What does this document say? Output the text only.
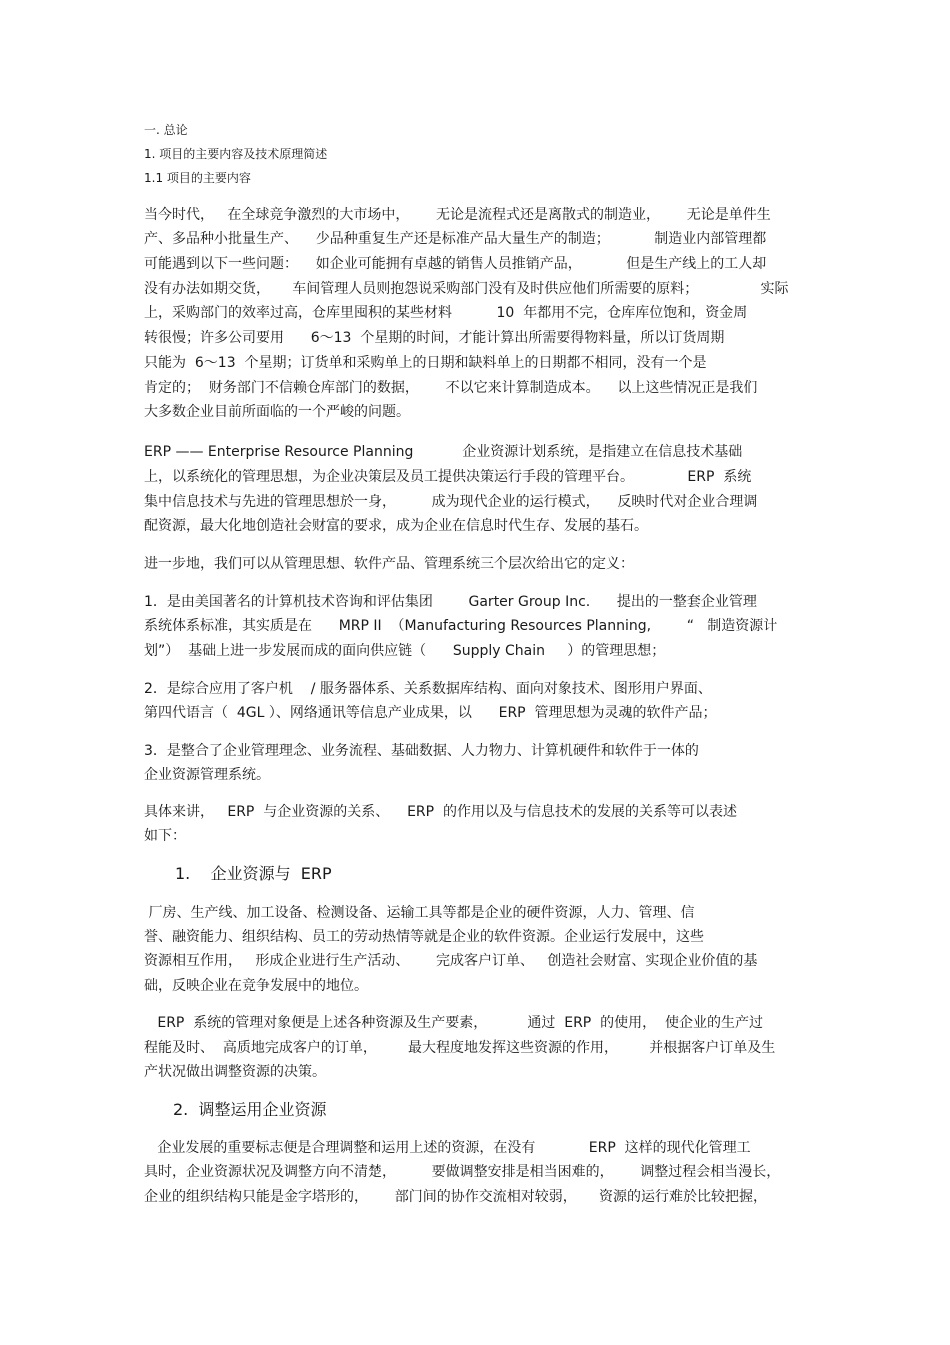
一. 总论

1. 项目的主要内容及技术原理简述

1.1 项目的主要内容

当今时代，   在全球竞争激烈的大市场中，      无论是流程式还是离散式的制造业，      无论是单件生

产、多品种小批量生产、    少品种重复生产还是标准产品大量生产的制造；          制造业内部管理都

可能遇到以下一些问题：    如企业可能拥有卓越的销售人员推销产品，          但是生产线上的工人却

没有办法如期交货，     车间管理人员则抱怨说采购部门没有及时供应他们所需要的原料；              实际

上，采购部门的效率过高，仓库里囤积的某些材料          10  年都用不完，仓库库位饱和，资金周

转很慢；许多公司要用      6～13  个星期的时间，才能计算出所需要得物料量，所以订货周期

只能为  6～13  个星期；订货单和采购单上的日期和缺料单上的日期都不相同，没有一个是

肯定的；  财务部门不信赖仓库部门的数据，      不以它来计算制造成本。    以上这些情况正是我们

大多数企业目前所面临的一个严峻的问题。

ERP —— Enterprise Resource Planning           企业资源计划系统，是指建立在信息技术基础

上，以系统化的管理思想，为企业决策层及员工提供决策运行手段的管理平台。            ERP  系统

集中信息技术与先进的管理思想於一身，        成为现代企业的运行模式，    反映时代对企业合理调

配资源，最大化地创造社会财富的要求，成为企业在信息时代生存、发展的基石。

进一步地，我们可以从管理思想、软件产品、管理系统三个层次给出它的定义：

1．是由美国著名的计算机技术咨询和评估集团        Garter Group Inc.      提出的一整套企业管理

系统体系标准，其实质是在      MRP II  （Manufacturing Resources Planning,        “   制造资源计

划”）  基础上进一步发展而成的面向供应链（      Supply Chain     ）的管理思想；

2．是综合应用了客户机    / 服务器体系、关系数据库结构、面向对象技术、图形用户界面、

第四代语言（  4GL ）、网络通讯等信息产业成果，以      ERP  管理思想为灵魂的软件产品；

3．是整合了企业管理理念、业务流程、基础数据、人力物力、计算机硬件和软件于一体的

企业资源管理系统。

具体来讲，   ERP  与企业资源的关系、    ERP  的作用以及与信息技术的发展的关系等可以表述

如下：

1.    企业资源与  ERP

厂房、生产线、加工设备、检测设备、运输工具等都是企业的硬件资源，人力、管理、信

誉、融资能力、组织结构、员工的劳动热情等就是企业的软件资源。企业运行发展中，这些

资源相互作用，   形成企业进行生产活动、      完成客户订单、   创造社会财富、实现企业价值的基

础，反映企业在竞争发展中的地位。

ERP  系统的管理对象便是上述各种资源及生产要素，         通过  ERP  的使用，  使企业的生产过

程能及时、  高质地完成客户的订单，       最大程度地发挥这些资源的作用，       并根据客户订单及生

产状况做出调整资源的决策。

2.  调整运用企业资源

企业发展的重要标志便是合理调整和运用上述的资源，在没有            ERP  这样的现代化管理工

具时，企业资源状况及调整方向不清楚，        要做调整安排是相当困难的，      调整过程会相当漫长，

企业的组织结构只能是金字塔形的，      部门间的协作交流相对较弱，     资源的运行难於比较把握，
